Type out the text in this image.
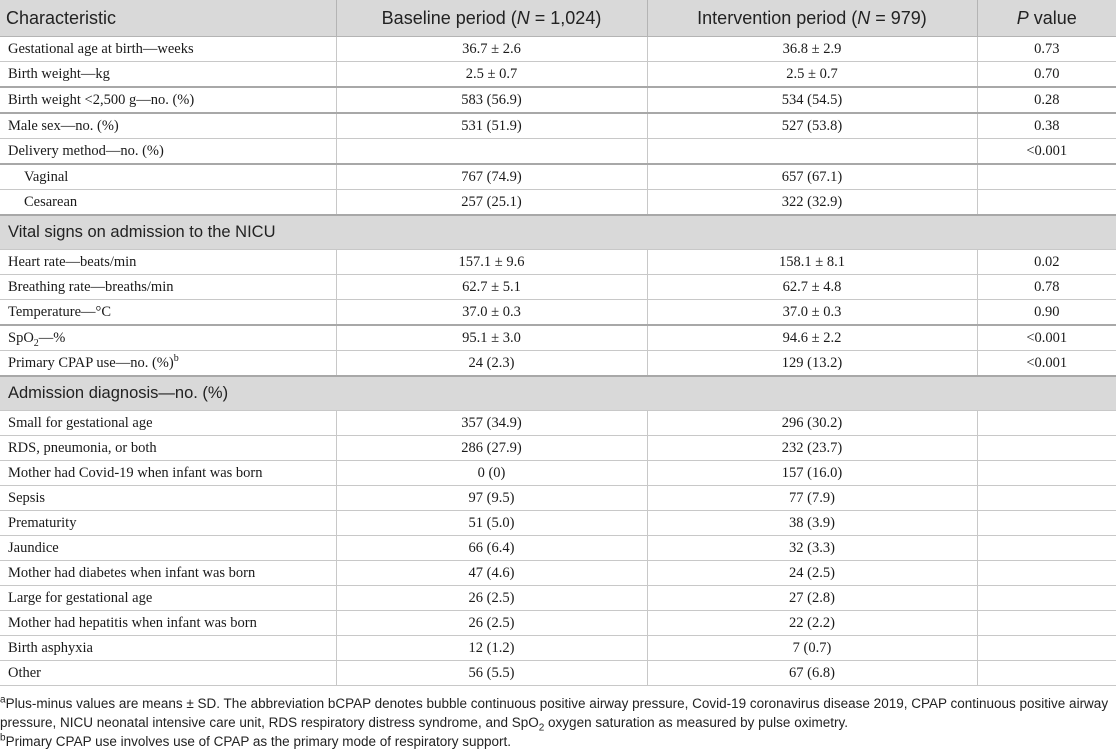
Characteristic	Baseline period (N = 1,024)	Intervention period (N = 979)	P value
Gestational age at birth—weeks	36.7 ± 2.6	36.8 ± 2.9	0.73
Birth weight—kg	2.5 ± 0.7	2.5 ± 0.7	0.70
Birth weight <2,500 g—no. (%)	583 (56.9)	534 (54.5)	0.28
Male sex—no. (%)	531 (51.9)	527 (53.8)	0.38
Delivery method—no. (%)			<0.001
Vaginal	767 (74.9)	657 (67.1)	
Cesarean	257 (25.1)	322 (32.9)	
Vital signs on admission to the NICU			
Heart rate—beats/min	157.1 ± 9.6	158.1 ± 8.1	0.02
Breathing rate—breaths/min	62.7 ± 5.1	62.7 ± 4.8	0.78
Temperature—°C	37.0 ± 0.3	37.0 ± 0.3	0.90
SpO$_2$—%	95.1 ± 3.0	94.6 ± 2.2	<0.001
Primary CPAP use—no. (%)$^b$	24 (2.3)	129 (13.2)	<0.001
Admission diagnosis—no. (%)			
Small for gestational age	357 (34.9)	296 (30.2)	
RDS, pneumonia, or both	286 (27.9)	232 (23.7)	
Mother had Covid-19 when infant was born	0 (0)	157 (16.0)	
Sepsis	97 (9.5)	77 (7.9)	
Prematurity	51 (5.0)	38 (3.9)	
Jaundice	66 (6.4)	32 (3.3)	
Mother had diabetes when infant was born	47 (4.6)	24 (2.5)	
Large for gestational age	26 (2.5)	27 (2.8)	
Mother had hepatitis when infant was born	26 (2.5)	22 (2.2)	
Birth asphyxia	12 (1.2)	7 (0.7)	
Other	56 (5.5)	67 (6.8)	

$^a$Plus-minus values are means ± SD. The abbreviation bCPAP denotes bubble continuous positive airway pressure, Covid-19 coronavirus disease 2019, CPAP continuous positive airway pressure, NICU neonatal intensive care unit, RDS respiratory distress syndrome, and SpO$_2$ oxygen saturation as measured by pulse oximetry.

$^b$Primary CPAP use involves use of CPAP as the primary mode of respiratory support.
